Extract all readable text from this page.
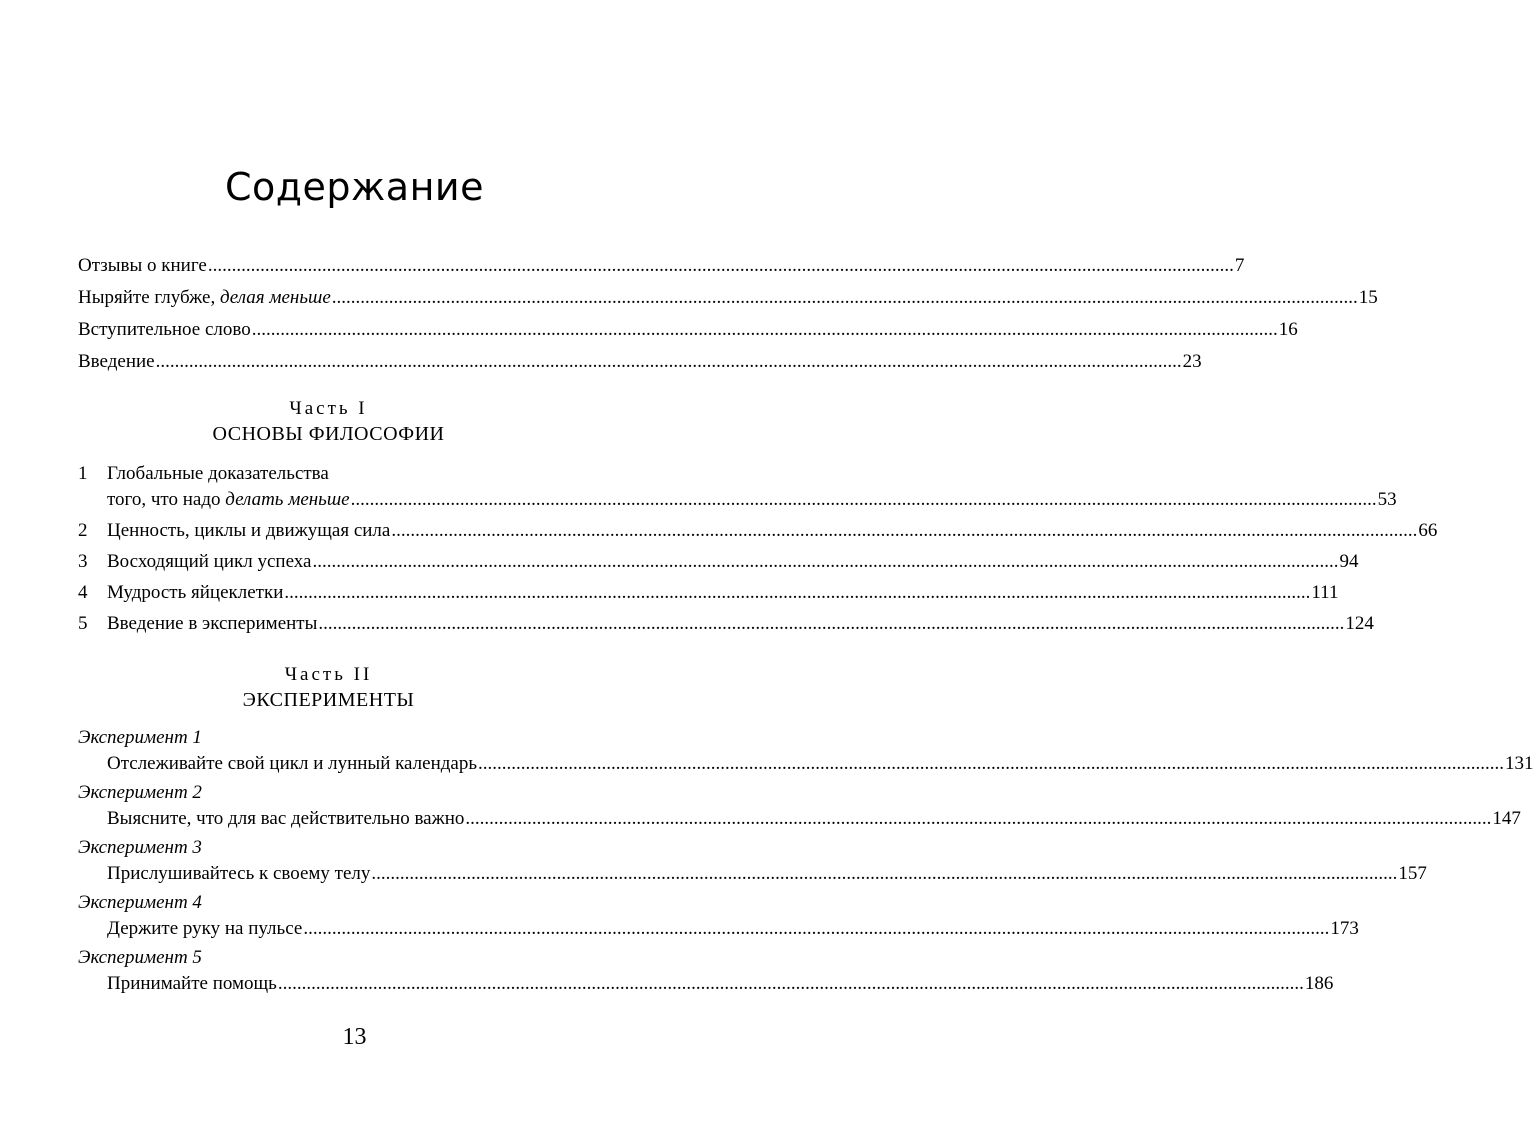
Содержание
Отзывы о книге .....	7
Ныряйте глубже, делая меньше .....	15
Вступительное слово .....	16
Введение .....	23
Часть I
ОСНОВЫ ФИЛОСОФИИ
1	Глобальные доказательства
того, что надо делать меньше .....	53
2	Ценность, циклы и движущая сила .....	66
3	Восходящий цикл успеха .....	94
4	Мудрость яйцеклетки .....	111
5	Введение в эксперименты .....	124
Часть II
ЭКСПЕРИМЕНТЫ
Эксперимент 1
Отслеживайте свой цикл и лунный календарь .....	131
Эксперимент 2
Выясните, что для вас действительно важно .....	147
Эксперимент 3
Прислушивайтесь к своему телу .....	157
Эксперимент 4
Держите руку на пульсе .....	173
Эксперимент 5
Принимайте помощь .....	186
13
